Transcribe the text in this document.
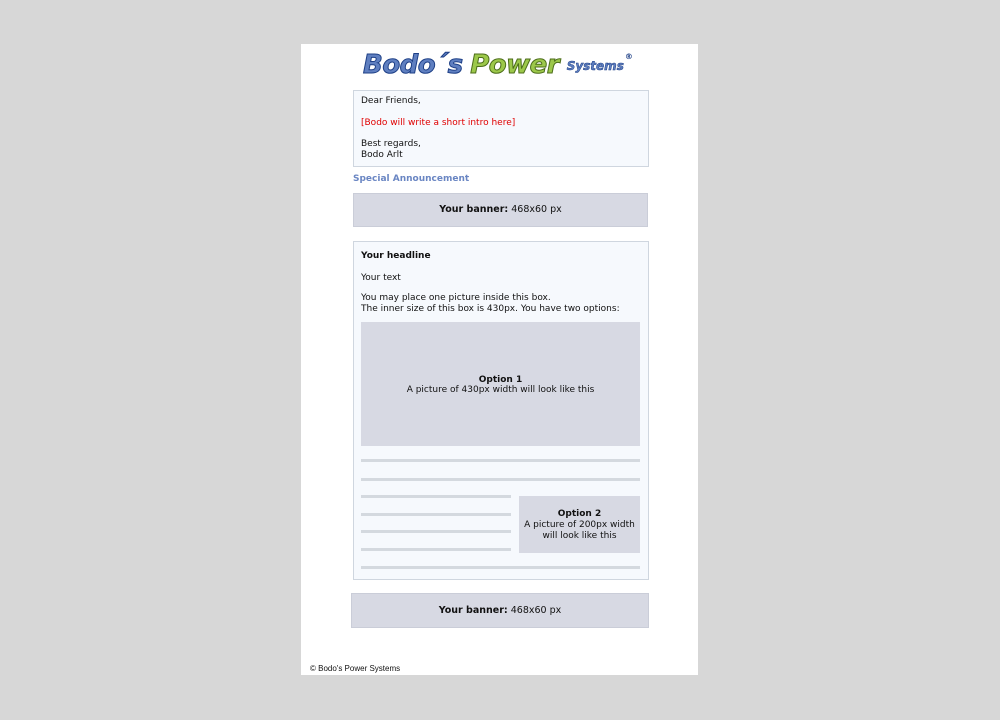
Bodo´s Power Systems®

Dear Friends,

[Bodo will write a short intro here]

Best regards,

Bodo Arlt

Special Announcement
Your banner: 468x60 px

Your headline

Your text

You may place one picture inside this box.

The inner size of this box is 430px. You have two options:

Option 1
A picture of 430px width will look like this
Option 2
A picture of 200px width
will look like this
Your banner: 468x60 px
© Bodo's Power Systems
